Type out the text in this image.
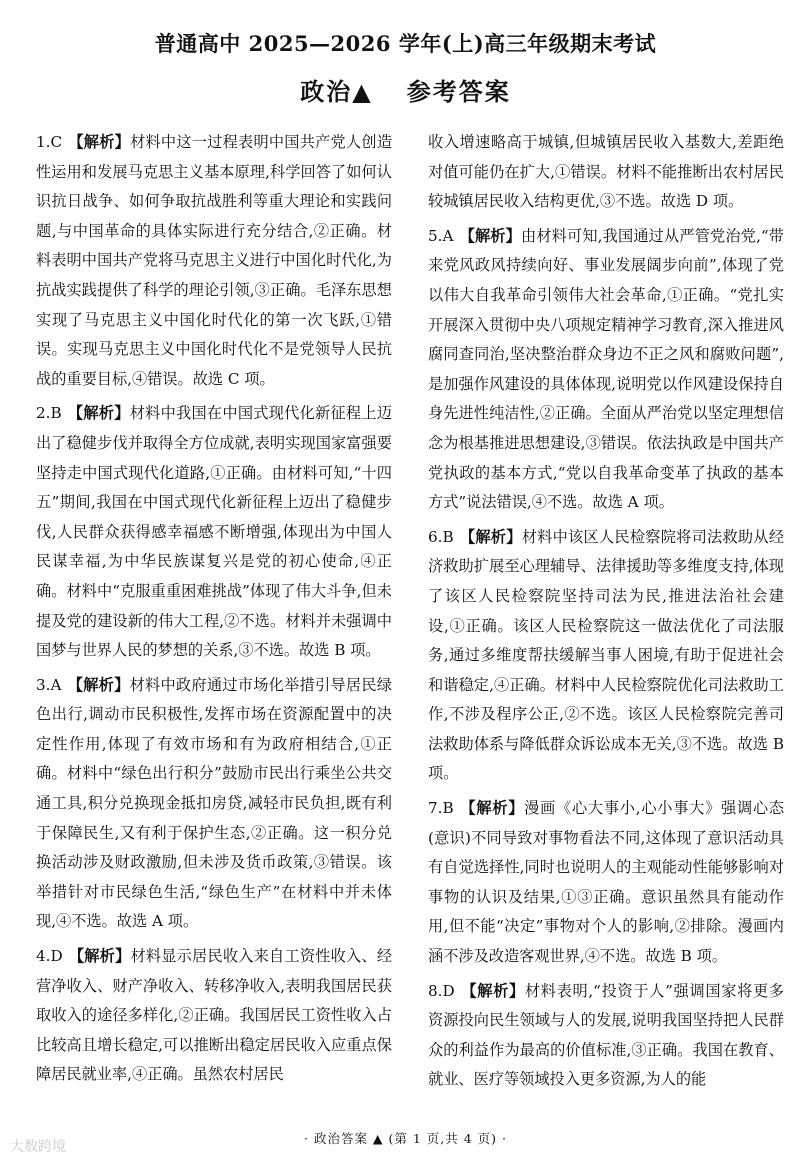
普通高中 2025—2026 学年(上)高三年级期末考试
政治▲ 参考答案
1.C 【解析】材料中这一过程表明中国共产党人创造性运用和发展马克思主义基本原理,科学回答了如何认识抗日战争、如何争取抗战胜利等重大理论和实践问题,与中国革命的具体实际进行充分结合,②正确。材料表明中国共产党将马克思主义进行中国化时代化,为抗战实践提供了科学的理论引领,③正确。毛泽东思想实现了马克思主义中国化时代化的第一次飞跃,①错误。实现马克思主义中国化时代化不是党领导人民抗战的重要目标,④错误。故选 C 项。
2.B 【解析】材料中我国在中国式现代化新征程上迈出了稳健步伐并取得全方位成就,表明实现国家富强要坚持走中国式现代化道路,①正确。由材料可知,“十四五”期间,我国在中国式现代化新征程上迈出了稳健步伐,人民群众获得感幸福感不断增强,体现出为中国人民谋幸福,为中华民族谋复兴是党的初心使命,④正确。材料中“克服重重困难挑战”体现了伟大斗争,但未提及党的建设新的伟大工程,②不选。材料并未强调中国梦与世界人民的梦想的关系,③不选。故选 B 项。
3.A 【解析】材料中政府通过市场化举措引导居民绿色出行,调动市民积极性,发挥市场在资源配置中的决定性作用,体现了有效市场和有为政府相结合,①正确。材料中“绿色出行积分”鼓励市民出行乘坐公共交通工具,积分兑换现金抵扣房贷,减轻市民负担,既有利于保障民生,又有利于保护生态,②正确。这一积分兑换活动涉及财政激励,但未涉及货币政策,③错误。该举措针对市民绿色生活,“绿色生产”在材料中并未体现,④不选。故选 A 项。
4.D 【解析】材料显示居民收入来自工资性收入、经营净收入、财产净收入、转移净收入,表明我国居民获取收入的途径多样化,②正确。我国居民工资性收入占比较高且增长稳定,可以推断出稳定居民收入应重点保障居民就业率,④正确。虽然农村居民
收入增速略高于城镇,但城镇居民收入基数大,差距绝对值可能仍在扩大,①错误。材料不能推断出农村居民较城镇居民收入结构更优,③不选。故选 D 项。
5.A 【解析】由材料可知,我国通过从严管党治党,“带来党风政风持续向好、事业发展阔步向前”,体现了党以伟大自我革命引领伟大社会革命,①正确。“党扎实开展深入贯彻中央八项规定精神学习教育,深入推进风腐同查同治,坚决整治群众身边不正之风和腐败问题”,是加强作风建设的具体体现,说明党以作风建设保持自身先进性纯洁性,②正确。全面从严治党以坚定理想信念为根基推进思想建设,③错误。依法执政是中国共产党执政的基本方式,“党以自我革命变革了执政的基本方式”说法错误,④不选。故选 A 项。
6.B 【解析】材料中该区人民检察院将司法救助从经济救助扩展至心理辅导、法律援助等多维度支持,体现了该区人民检察院坚持司法为民,推进法治社会建设,①正确。该区人民检察院这一做法优化了司法服务,通过多维度帮扶缓解当事人困境,有助于促进社会和谐稳定,④正确。材料中人民检察院优化司法救助工作,不涉及程序公正,②不选。该区人民检察院完善司法救助体系与降低群众诉讼成本无关,③不选。故选 B 项。
7.B 【解析】漫画《心大事小,心小事大》强调心态(意识)不同导致对事物看法不同,这体现了意识活动具有自觉选择性,同时也说明人的主观能动性能够影响对事物的认识及结果,①③正确。意识虽然具有能动作用,但不能“决定”事物对个人的影响,②排除。漫画内涵不涉及改造客观世界,④不选。故选 B 项。
8.D 【解析】材料表明,“投资于人”强调国家将更多资源投向民生领域与人的发展,说明我国坚持把人民群众的利益作为最高的价值标准,③正确。我国在教育、就业、医疗等领域投入更多资源,为人的能
· 政治答案 ▲ (第 1 页,共 4 页) ·
大数跨境
